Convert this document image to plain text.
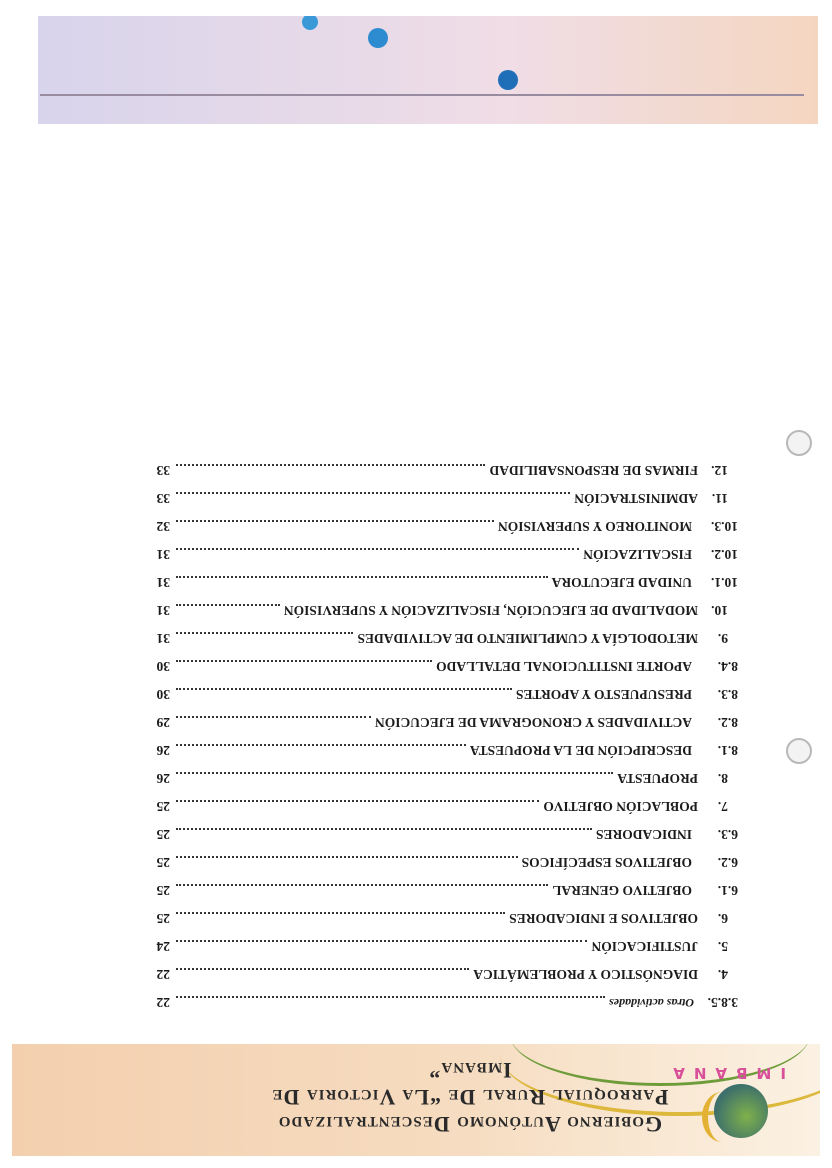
IMBANA
Gobierno Autónomo Descentralizado
Parroquial Rural De “La Victoria De Imbana”
3.8.5.
Otras actividades
22
4.
DIAGNÓSTICO Y PROBLEMÁTICA
22
5.
JUSTIFICACIÓN
24
6.
OBJETIVOS E INDICADORES
25
6.1.
OBJETIVO GENERAL
25
6.2.
OBJETIVOS ESPECÍFICOS
25
6.3.
INDICADORES
25
7.
POBLACIÓN OBJETIVO
25
8.
PROPUESTA
26
8.1.
DESCRIPCIÓN DE LA PROPUESTA
26
8.2.
ACTIVIDADES Y CRONOGRAMA DE EJECUCIÓN
29
8.3.
PRESUPUESTO Y APORTES
30
8.4.
APORTE INSTITUCIONAL DETALLADO
30
9.
METODOLGÍA Y CUMPLIMIENTO DE ACTIVIDADES
31
10.
MODALIDAD DE EJECUCIÓN, FISCALIZACIÓN Y SUPERVISIÓN
31
10.1.
UNIDAD EJECUTORA
31
10.2.
FISCALIZACIÓN
31
10.3.
MONITOREO Y SUPERVISIÓN
32
11.
ADMINISTRACIÓN
33
12.
FIRMAS DE RESPONSABILIDAD
33
